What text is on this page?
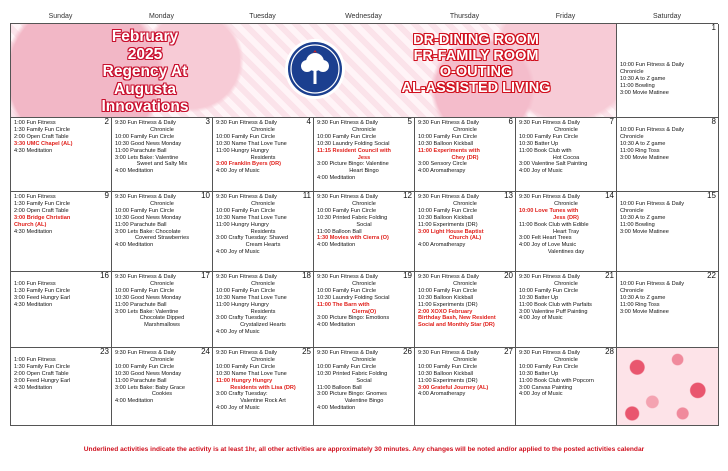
Sunday	Monday	Tuesday	Wednesday	Thursday	Friday	Saturday
February
2025
Regency At Augusta
Innovations
DR-DINING ROOM
FR-FAMILY ROOM
O-OUTING
AL-ASSISTED LIVING
1
10:00 Fun Fitness & Daily
Chronicle
10:30 A to Z game
11:00 Bowling
3:00 Movie Matinee
2
1:00 Fun Fitness
1:30 Family Fun Circle
2:00 Open Craft Table
3:30 UMC Chapel (AL)
4:30 Meditation
3
9:30 Fun Fitness & Daily
Chronicle
10:00 Family Fun Circle
10:30 Good News Monday
11:00 Parachute Ball
3:00 Lets Bake: Valentine
Sweet and Salty Mix
4:00 Meditation
4
9:30 Fun Fitness & Daily
Chronicle
10:00 Family Fun Circle
10:30 Name That Love Tune
11:00 Hungry Hungry
Residents
3:00 Franklin Byers (DR)
4:00 Joy of Music
5
9:30 Fun Fitness & Daily
Chronicle
10:00 Family Fun Circle
10:30 Laundry Folding Social
11:15 Resident Council with
Jess
3:00 Picture Bingo: Valentine
Heart Bingo
4:00 Meditation
6
9:30 Fun Fitness & Daily
Chronicle
10:00 Family Fun Circle
10:30 Balloon Kickball
11:00 Experiments with
Chey (DR)
3:00 Sensory Circle
4:00 Aromatherapy
7
9:30 Fun Fitness & Daily
Chronicle
10:00 Family Fun Circle
10:30 Batter Up
11:00 Book Club with
Hot Cocoa
3:00 Valentine Salt Painting
4:00 Joy of Music
8

10:00 Fun Fitness & Daily
Chronicle
10:30 A to Z game
11:00 Ring Toss
3:00 Movie Matinee
9
1:00 Fun Fitness
1:30 Family Fun Circle
2:00 Open Craft Table
3:00 Bridge Christian
Church (AL)
4:30 Meditation
10
9:30 Fun Fitness & Daily
Chronicle
10:00 Family Fun Circle
10:30 Good News Monday
11:00 Parachute Ball
3:00 Lets Bake: Chocolate
Covered Strawberries
4:00 Meditation
11
9:30 Fun Fitness & Daily
Chronicle
10:00 Family Fun Circle
10:30 Name That Love Tune
11:00 Hungry Hungry
Residents
3:00 Crafty Tuesday: Shaved
Cream Hearts
4:00 Joy of Music
12
9:30 Fun Fitness & Daily
Chronicle
10:00 Family Fun Circle
10:30 Printed Fabric Folding
Social
11:00 Balloon Ball
1:30 Movies with Cierra (O)
4:00 Meditation
13
9:30 Fun Fitness & Daily
Chronicle
10:00 Family Fun Circle
10:30 Balloon Kickball
11:00 Experiments (DR)
3:00 Light House Baptist
Church (AL)
4:00 Aromatherapy
14
9:30 Fun Fitness & Daily
Chronicle
10:00 Love Tunes with
Jess (DR)
11:00 Book Club with Edible
Heart Tray
3:00 Felt Heart Trees
4:00 Joy of Love Music
Valentines day
15

10:00 Fun Fitness & Daily
Chronicle
10:30 A to Z game
11:00 Bowling
3:00 Movie Matinee
16

1:00 Fun Fitness
1:30 Family Fun Circle
3:00 Feed Hungry Earl
4:30 Meditation
17
9:30 Fun Fitness & Daily
Chronicle
10:00 Family Fun Circle
10:30 Good News Monday
11:00 Parachute Ball
3:00 Lets Bake: Valentine
Chocolate Dipped
Marshmallows
18
9:30 Fun Fitness & Daily
Chronicle
10:00 Family Fun Circle
10:30 Name That Love Tune
11:00 Hungry Hungry
Residents
3:00 Crafty Tuesday:
Crystalized Hearts
4:00 Joy of Music
19
9:30 Fun Fitness & Daily
Chronicle
10:00 Family Fun Circle
10:30 Laundry Folding Social
11:00 The Barn with
Cierra(O)
3:00 Picture Bingo: Emotions
4:00 Meditation
20
9:30 Fun Fitness & Daily
Chronicle
10:00 Family Fun Circle
10:30 Balloon Kickball
11:00 Experiments (DR)
2:00 XOXO February
Birthday Bash, New Resident
Social and Monthly Star (DR)
21
9:30 Fun Fitness & Daily
Chronicle
10:00 Family Fun Circle
10:30 Batter Up
11:00 Book Club with Parfaits
3:00 Valentine Puff Painting
4:00 Joy of Music
22

10:00 Fun Fitness & Daily
Chronicle
10:30 A to Z game
11:00 Ring Toss
3:00 Movie Matinee
23

1:00 Fun Fitness
1:30 Family Fun Circle
2:00 Open Craft Table
3:00 Feed Hungry Earl
4:30 Meditation
24
9:30 Fun Fitness & Daily
Chronicle
10:00 Family Fun Circle
10:30 Good News Monday
11:00 Parachute Ball
3:00 Lets Bake: Baby Grace
Cookies
4:00 Meditation
25
9:30 Fun Fitness & Daily
Chronicle
10:00 Family Fun Circle
10:30 Name That Love Tune
11:00 Hungry Hungry
Residents with Lisa (DR)
3:00 Crafty Tuesday:
Valentine Rock Art
4:00 Joy of Music
26
9:30 Fun Fitness & Daily
Chronicle
10:00 Family Fun Circle
10:30 Printed Fabric Folding
Social
11:00 Balloon Ball
3:00 Picture Bingo: Gnomes
Valentine Bingo
4:00 Meditation
27
9:30 Fun Fitness & Daily
Chronicle
10:00 Family Fun Circle
10:30 Balloon Kickball
11:00 Experiments (DR)
3:00 Grateful Journey (AL)
4:00 Aromatherapy
28
9:30 Fun Fitness & Daily
Chronicle
10:00 Family Fun Circle
10:30 Batter Up
11:00 Book Club with Popcorn
3:00 Canvas Painting
4:00 Joy of Music
Underlined activities indicate the activity is at least 1hr, all other activities are approximately 30 minutes. Any changes will be noted and/or applied to the posted activities calendar
